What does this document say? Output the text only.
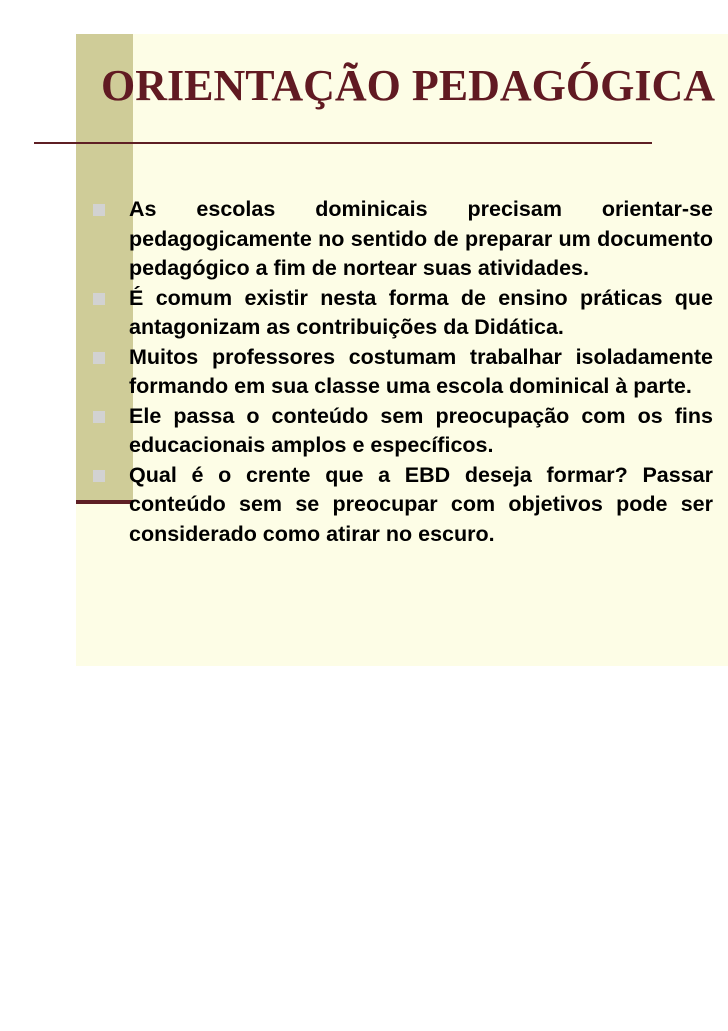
ORIENTAÇÃO PEDAGÓGICA
As escolas dominicais precisam orientar-se pedagogicamente no sentido de preparar um documento pedagógico a fim de nortear suas atividades.
É comum existir nesta forma de ensino práticas que antagonizam as contribuições da Didática.
Muitos professores costumam trabalhar isoladamente formando em sua classe uma escola dominical à parte.
Ele passa o conteúdo sem preocupação com os fins educacionais amplos e específicos.
Qual é o crente que a EBD deseja formar? Passar conteúdo sem se preocupar com objetivos pode ser considerado como atirar no escuro.
